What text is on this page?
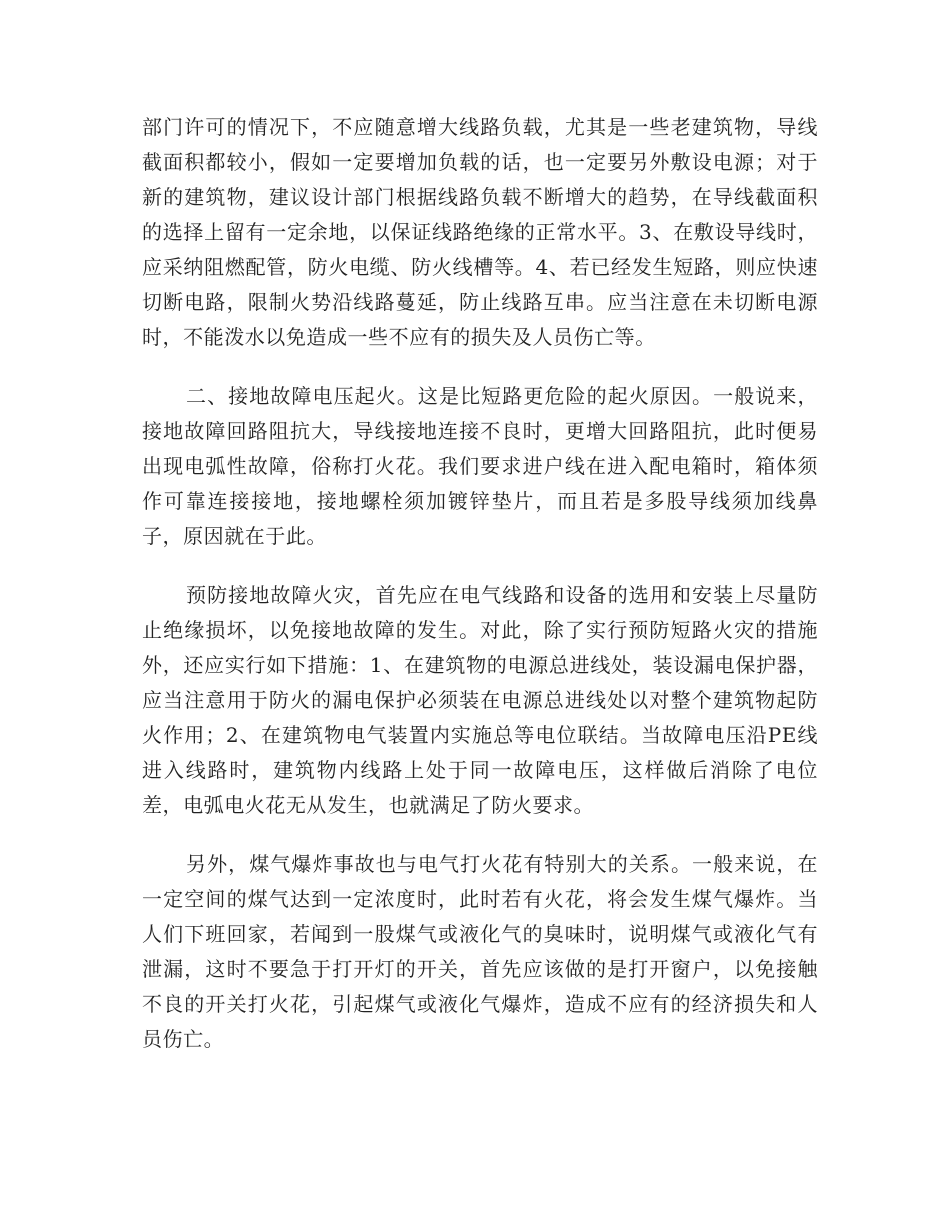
部门许可的情况下，不应随意增大线路负载，尤其是一些老建筑物，导线截面积都较小，假如一定要增加负载的话，也一定要另外敷设电源；对于新的建筑物，建议设计部门根据线路负载不断增大的趋势，在导线截面积的选择上留有一定余地，以保证线路绝缘的正常水平。3、在敷设导线时，应采纳阻燃配管，防火电缆、防火线槽等。4、若已经发生短路，则应快速切断电路，限制火势沿线路蔓延，防止线路互串。应当注意在未切断电源时，不能泼水以免造成一些不应有的损失及人员伤亡等。

二、接地故障电压起火。这是比短路更危险的起火原因。一般说来，接地故障回路阻抗大，导线接地连接不良时，更增大回路阻抗，此时便易出现电弧性故障，俗称打火花。我们要求进户线在进入配电箱时，箱体须作可靠连接接地，接地螺栓须加镀锌垫片，而且若是多股导线须加线鼻子，原因就在于此。

预防接地故障火灾，首先应在电气线路和设备的选用和安装上尽量防止绝缘损坏，以免接地故障的发生。对此，除了实行预防短路火灾的措施外，还应实行如下措施：1、在建筑物的电源总进线处，装设漏电保护器，应当注意用于防火的漏电保护必须装在电源总进线处以对整个建筑物起防火作用；2、在建筑物电气装置内实施总等电位联结。当故障电压沿PE线进入线路时，建筑物内线路上处于同一故障电压，这样做后消除了电位差，电弧电火花无从发生，也就满足了防火要求。

另外，煤气爆炸事故也与电气打火花有特别大的关系。一般来说，在一定空间的煤气达到一定浓度时，此时若有火花，将会发生煤气爆炸。当人们下班回家，若闻到一股煤气或液化气的臭味时，说明煤气或液化气有泄漏，这时不要急于打开灯的开关，首先应该做的是打开窗户，以免接触不良的开关打火花，引起煤气或液化气爆炸，造成不应有的经济损失和人员伤亡。
